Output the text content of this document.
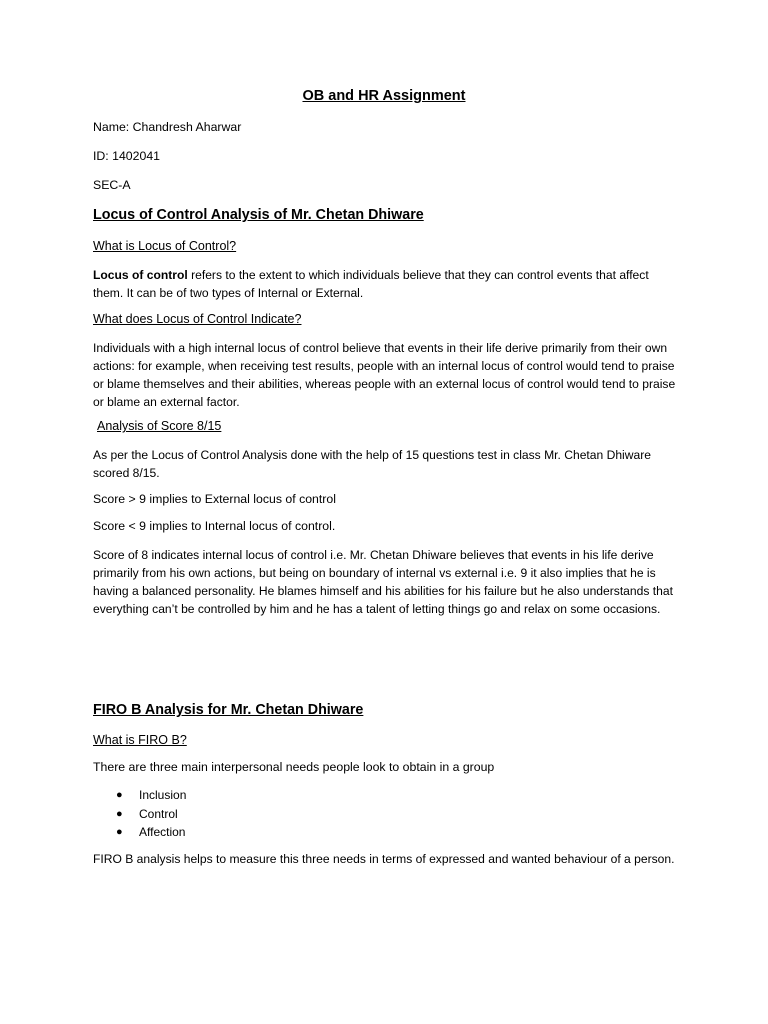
OB and HR Assignment

Name: Chandresh Aharwar

ID: 1402041

SEC-A

Locus of Control Analysis of Mr. Chetan Dhiware

What is Locus of Control?

Locus of control refers to the extent to which individuals believe that they can control events that affect them. It can be of two types of Internal or External.

What does Locus of Control Indicate?

Individuals with a high internal locus of control believe that events in their life derive primarily from their own actions: for example, when receiving test results, people with an internal locus of control would tend to praise or blame themselves and their abilities, whereas people with an external locus of control would tend to praise or blame an external factor.

Analysis of Score 8/15

As per the Locus of Control Analysis done with the help of 15 questions test in class Mr. Chetan Dhiware scored 8/15.

Score > 9 implies to External locus of control

Score < 9 implies to Internal locus of control.

Score of 8 indicates internal locus of control i.e. Mr. Chetan Dhiware believes that events in his life derive primarily from his own actions, but being on boundary of internal vs external i.e. 9 it also implies that he is having a balanced personality. He blames himself and his abilities for his failure but he also understands that everything can’t be controlled by him and he has a talent of letting things go and relax on some occasions.

FIRO B Analysis for Mr. Chetan Dhiware

What is FIRO B?

There are three main interpersonal needs people look to obtain in a group

● Inclusion
● Control
● Affection

FIRO B analysis helps to measure this three needs in terms of expressed and wanted behaviour of a person.
